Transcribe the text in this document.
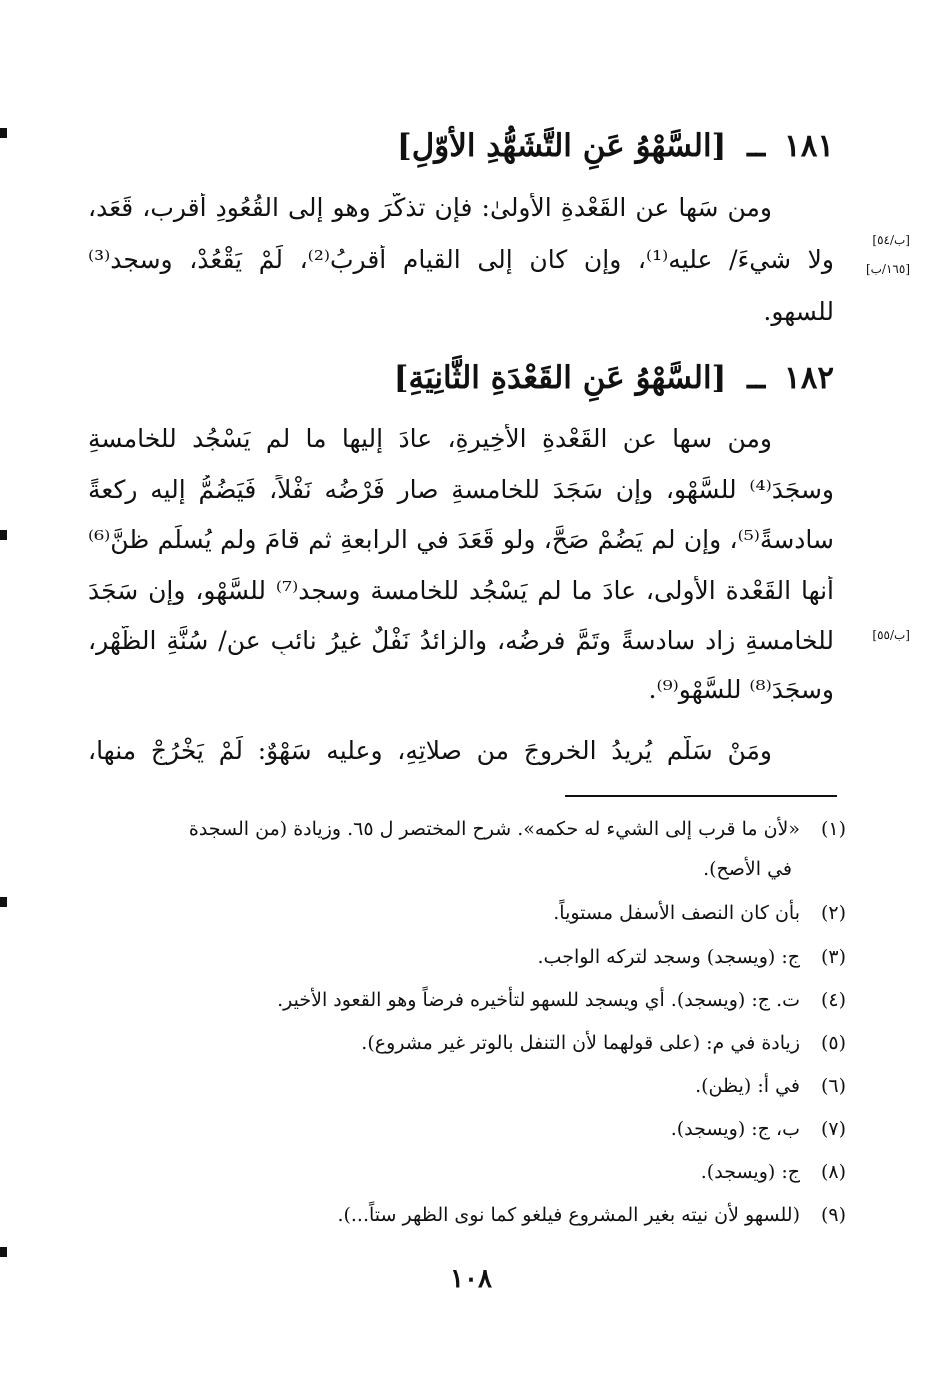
١٨١ ــ [السَّهْوُ عَنِ التَّشَهُّدِ الأوّلِ]
ومن سَها عن القَعْدةِ الأولىٰ: فإن تذكَّرَ وهو إلى القُعُودِ أقرب، قَعَد،
ولا شيءَ/ عليه⁽¹⁾، وإن كان إلى القيام أقربُ⁽²⁾، لَمْ يَقْعُدْ، وسجد⁽³⁾
للسهو.
[ب/٥٤]
[١٦٥/ب]
١٨٢ ــ [السَّهْوُ عَنِ القَعْدَةِ الثَّانِيَةِ]
ومن سها عن القَعْدةِ الأخِيرةِ، عادَ إليها ما لم يَسْجُد للخامسةِ
وسجَدَ⁽⁴⁾ للسَّهْو، وإن سَجَدَ للخامسةِ صار فَرْضُه نَفْلاً، فَيَضُمُّ إليه ركعةً
سادسةً⁽⁵⁾، وإن لم يَضُمْ صَحَّ، ولو قَعَدَ في الرابعةِ ثم قامَ ولم يُسلِّم ظنَّ⁽⁶⁾
أنها القَعْدة الأولى، عادَ ما لم يَسْجُد للخامسة وسجد⁽⁷⁾ للسَّهْو، وإن سَجَدَ
للخامسةِ زاد سادسةً وتَمَّ فرضُه، والزائدُ نَفْلٌ غيرُ نائبٍ عن/ سُنَّةِ الظُّهْرِ،
وسجَدَ⁽⁸⁾ للسَّهْوِ⁽⁹⁾.
ومَنْ سَلَّم يُريدُ الخروجَ من صلاتِهِ، وعليه سَهْوٌ: لَمْ يَخْرُجْ منها،
[ب/٥٥]
(١)«لأن ما قرب إلى الشيء له حكمه». شرح المختصر ل ٦٥. وزيادة (من السجدة
في الأصح).
(٢)بأن كان النصف الأسفل مستوياً.
(٣)ج: (ويسجد) وسجد لتركه الواجب.
(٤)ت. ج: (ويسجد). أي ويسجد للسهو لتأخيره فرضاً وهو القعود الأخير.
(٥)زيادة في م: (على قولهما لأن التنفل بالوتر غير مشروع).
(٦)في أ: (يظن).
(٧)ب، ج: (ويسجد).
(٨)ج: (ويسجد).
(٩)(للسهو لأن نيته بغير المشروع فيلغو كما نوى الظهر ستاً...).
١٠٨
